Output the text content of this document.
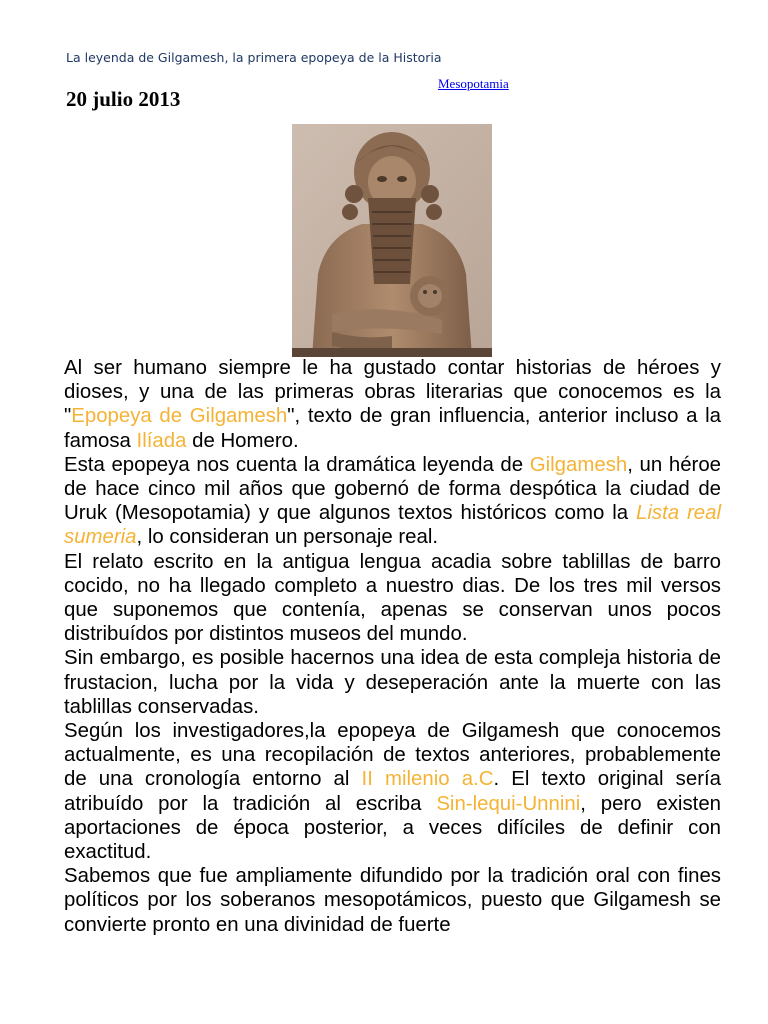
La leyenda de Gilgamesh, la primera epopeya de la Historia
Mesopotamia
20 julio 2013

Al ser humano siempre le ha gustado contar historias de héroes y dioses, y una de las primeras obras literarias que conocemos es la "Epopeya de Gilgamesh", texto de gran influencia, anterior incluso a la famosa Ilíada de Homero.

Esta epopeya nos cuenta la dramática leyenda de Gilgamesh, un héroe de hace cinco mil años que gobernó de forma despótica la ciudad de Uruk (Mesopotamia) y que algunos textos históricos como la Lista real sumeria, lo consideran un personaje real.

El relato escrito en la antigua lengua acadia sobre tablillas de barro cocido, no ha llegado completo a nuestro dias. De los tres mil versos que suponemos que contenía, apenas se conservan unos pocos distribuídos por distintos museos del mundo.

Sin embargo, es posible hacernos una idea de esta compleja historia de frustacion, lucha por la vida y deseperación ante la muerte con las tablillas conservadas.

Según los investigadores,la epopeya de Gilgamesh que conocemos actualmente, es una recopilación de textos anteriores, probablemente de una cronología entorno al II milenio a.C. El texto original sería atribuído por la tradición al escriba Sin-lequi-Unnini, pero existen aportaciones de época posterior, a veces difíciles de definir con exactitud.

Sabemos que fue ampliamente difundido por la tradición oral con fines políticos por los soberanos mesopotámicos, puesto que Gilgamesh se convierte pronto en una divinidad de fuerte
